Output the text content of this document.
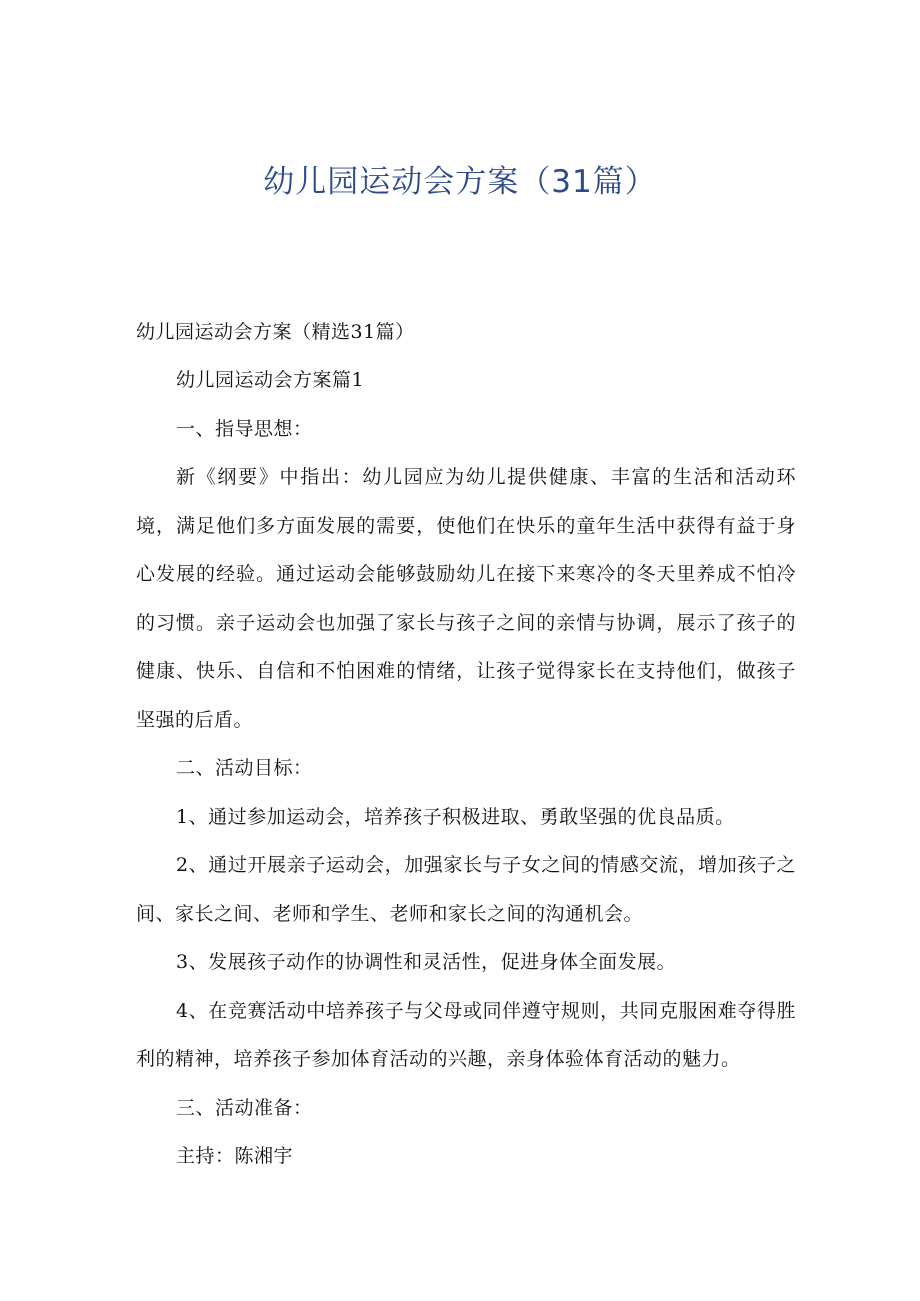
幼儿园运动会方案（31篇）

幼儿园运动会方案（精选31篇）

幼儿园运动会方案篇1

一、指导思想：

新《纲要》中指出：幼儿园应为幼儿提供健康、丰富的生活和活动环境，满足他们多方面发展的需要，使他们在快乐的童年生活中获得有益于身心发展的经验。通过运动会能够鼓励幼儿在接下来寒冷的冬天里养成不怕冷的习惯。亲子运动会也加强了家长与孩子之间的亲情与协调，展示了孩子的健康、快乐、自信和不怕困难的情绪，让孩子觉得家长在支持他们，做孩子坚强的后盾。

二、活动目标：

1、通过参加运动会，培养孩子积极进取、勇敢坚强的优良品质。

2、通过开展亲子运动会，加强家长与子女之间的情感交流，增加孩子之间、家长之间、老师和学生、老师和家长之间的沟通机会。

3、发展孩子动作的协调性和灵活性，促进身体全面发展。

4、在竞赛活动中培养孩子与父母或同伴遵守规则，共同克服困难夺得胜利的精神，培养孩子参加体育活动的兴趣，亲身体验体育活动的魅力。

三、活动准备：

主持：陈湘宇
